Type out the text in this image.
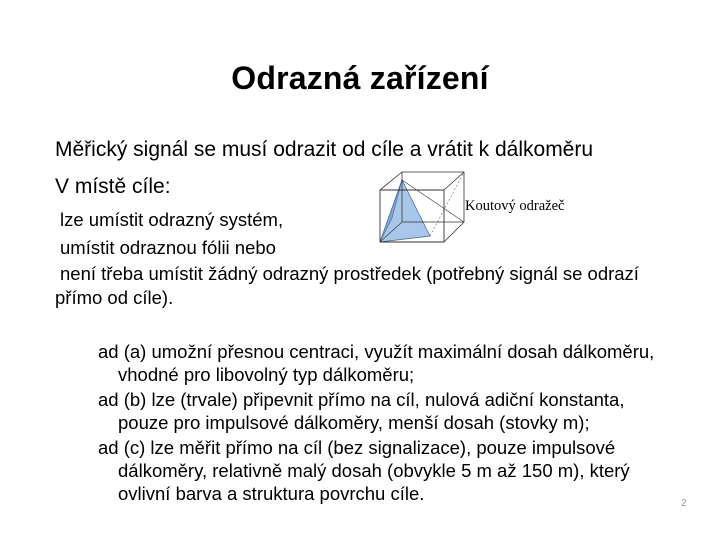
Odrazná zařízení
Měřický signál se musí odrazit od cíle a vrátit k dálkoměru
V místě cíle:
lze umístit odrazný systém,
umístit odraznou fólii nebo
není třeba umístit žádný odrazný prostředek (potřebný signál se odrazí
přímo od cíle).
Koutový odražeč
ad (a) umožní přesnou centraci, využít maximální dosah dálkoměru,
vhodné pro libovolný typ dálkoměru;
ad (b) lze (trvale) připevnit přímo na cíl, nulová adiční konstanta,
pouze pro impulsové dálkoměry, menší dosah (stovky m);
ad (c) lze měřit přímo na cíl (bez signalizace), pouze impulsové
dálkoměry, relativně malý dosah (obvykle 5 m až 150 m), který
ovlivní barva a struktura povrchu cíle.	2
